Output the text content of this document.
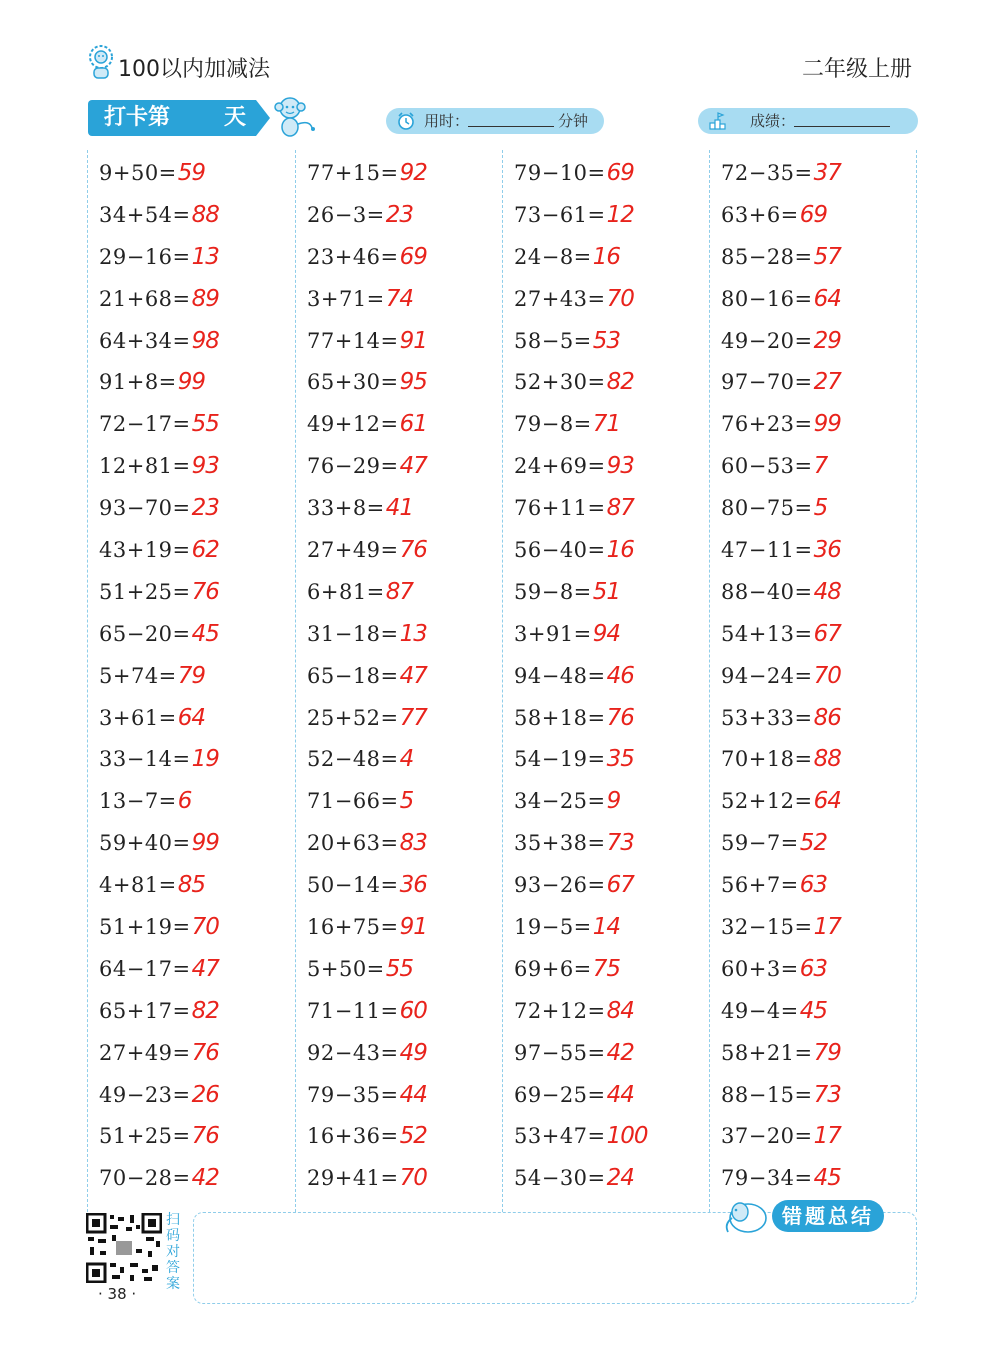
100以内加减法	二年级上册
打卡第 天	用时：	分钟	成绩：
9+50= 59
34+54= 88
29−16= 13
21+68= 89
64+34= 98
91+8= 99
72−17= 55
12+81= 93
93−70= 23
43+19= 62
51+25= 76
65−20= 45
5+74= 79
3+61= 64
33−14= 19
13−7= 6
59+40= 99
4+81= 85
51+19= 70
64−17= 47
65+17= 82
27+49= 76
49−23= 26
51+25= 76
70−28= 42
77+15= 92
26−3= 23
23+46= 69
3+71= 74
77+14= 91
65+30= 95
49+12= 61
76−29= 47
33+8= 41
27+49= 76
6+81= 87
31−18= 13
65−18= 47
25+52= 77
52−48= 4
71−66= 5
20+63= 83
50−14= 36
16+75= 91
5+50= 55
71−11= 60
92−43= 49
79−35= 44
16+36= 52
29+41= 70
79−10= 69
73−61= 12
24−8= 16
27+43= 70
58−5= 53
52+30= 82
79−8= 71
24+69= 93
76+11= 87
56−40= 16
59−8= 51
3+91= 94
94−48= 46
58+18= 76
54−19= 35
34−25= 9
35+38= 73
93−26= 67
19−5= 14
69+6= 75
72+12= 84
97−55= 42
69−25= 44
53+47= 100
54−30= 24
72−35= 37
63+6= 69
85−28= 57
80−16= 64
49−20= 29
97−70= 27
76+23= 99
60−53= 7
80−75= 5
47−11= 36
88−40= 48
54+13= 67
94−24= 70
53+33= 86
70+18= 88
52+12= 64
59−7= 52
56+7= 63
32−15= 17
60+3= 63
49−4= 45
58+21= 79
88−15= 73
37−20= 17
79−34= 45
扫码对答案
· 38 ·
错题总结
